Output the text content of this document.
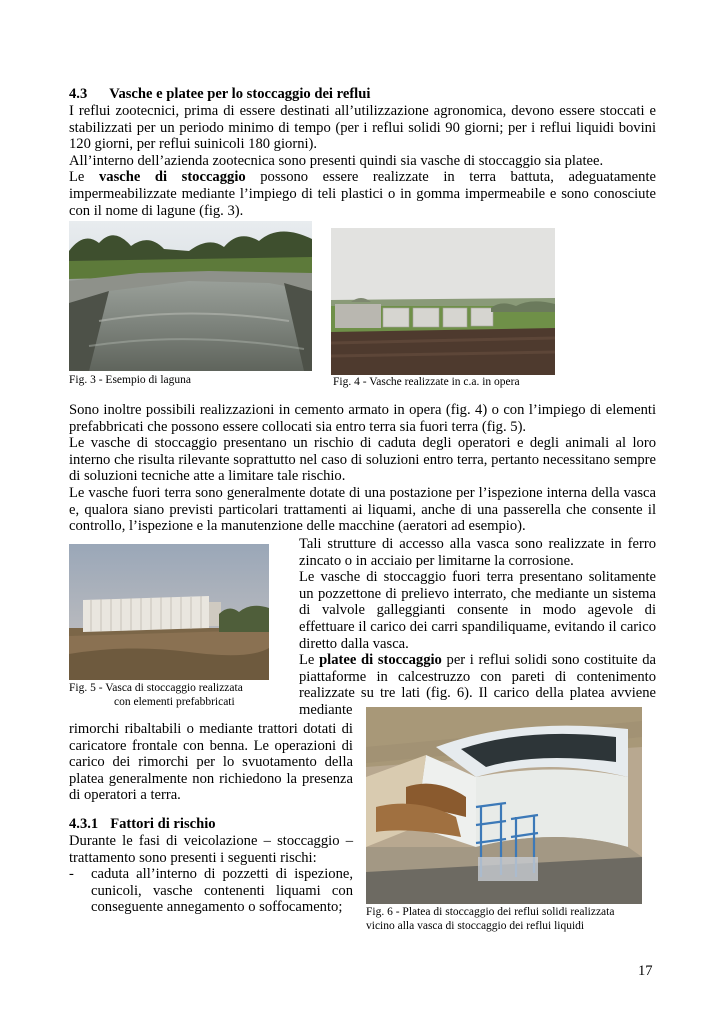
4.3 Vasche e platee per lo stoccaggio dei reflui

I reflui zootecnici, prima di essere destinati all’utilizzazione agronomica, devono essere stoccati e stabilizzati per un periodo minimo di tempo (per i reflui solidi 90 giorni; per i reflui liquidi bovini 120 giorni, per reflui suinicoli 180 giorni).

All’interno dell’azienda zootecnica sono presenti quindi sia vasche di stoccaggio sia platee.

Le vasche di stoccaggio possono essere realizzate in terra battuta, adeguatamente impermeabilizzate mediante l’impiego di teli plastici o in gomma impermeabile e sono conosciute con il nome di lagune (fig. 3).

Fig. 3 - Esempio di laguna	Fig. 4 - Vasche realizzate in c.a. in opera

Sono inoltre possibili realizzazioni in cemento armato in opera (fig. 4) o con l’impiego di elementi prefabbricati che possono essere collocati sia entro terra sia fuori terra (fig. 5).

Le vasche di stoccaggio presentano un rischio di caduta degli operatori e degli animali al loro interno che risulta rilevante soprattutto nel caso di soluzioni entro terra, pertanto necessitano sempre di soluzioni tecniche atte a limitare tale rischio.

Le vasche fuori terra sono generalmente dotate di una postazione per l’ispezione interna della vasca e, qualora siano previsti particolari trattamenti ai liquami, anche di una passerella che consente il controllo, l’ispezione e la manutenzione delle macchine (aeratori ad esempio).

Fig. 5 - Vasca di stoccaggio realizzata
con elementi prefabbricati

Tali strutture di accesso alla vasca sono realizzate in ferro zincato o in acciaio per limitarne la corrosione.

Le vasche di stoccaggio fuori terra presentano solitamente un pozzettone di prelievo interrato, che mediante un sistema di valvole galleggianti consente in modo agevole di effettuare il carico dei carri spandiliquame, evitando il carico diretto dalla vasca.

Le platee di stoccaggio per i reflui solidi sono costituite da piattaforme in calcestruzzo con pareti di contenimento realizzate su tre lati (fig. 6). Il carico della platea avviene

mediante

rimorchi ribaltabili o mediante trattori dotati di caricatore frontale con benna. Le operazioni di carico dei rimorchi per lo svuotamento della platea generalmente non richiedono la presenza di operatori a terra.

4.3.1 Fattori di rischio

Durante le fasi di veicolazione – stoccaggio – trattamento sono presenti i seguenti rischi:

- caduta all’interno di pozzetti di ispezione, cunicoli, vasche contenenti liquami con conseguente annegamento o soffocamento;	Fig. 6 - Platea di stoccaggio dei reflui solidi realizzata
vicino alla vasca di stoccaggio dei reflui liquidi

17
